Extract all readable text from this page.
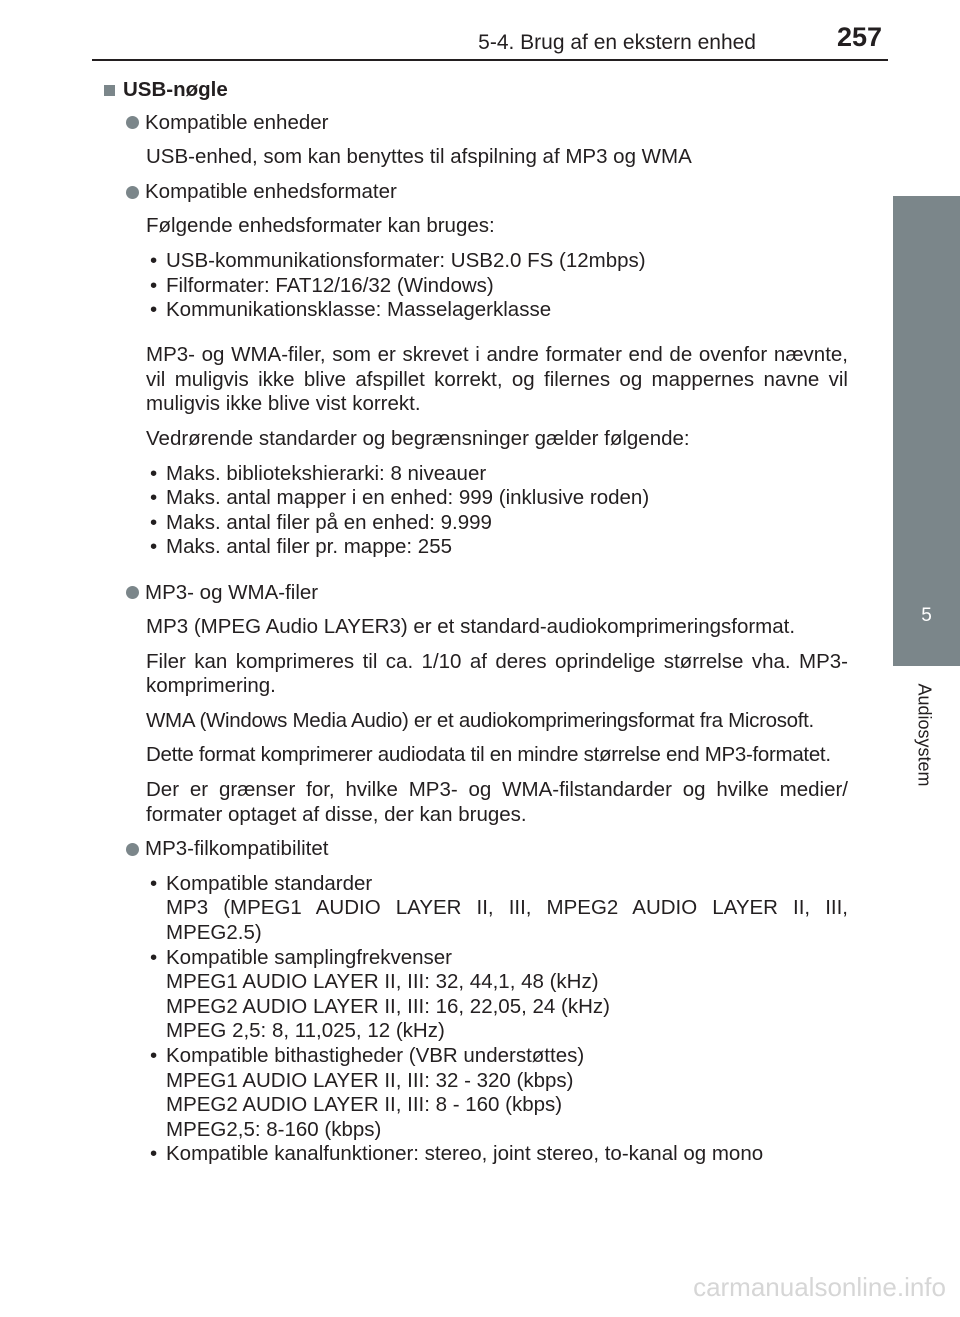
5-4. Brug af en ekstern enhed	257
5
Audiosystem
USB-nøgle
Kompatible enheder
USB-enhed, som kan benyttes til afspilning af MP3 og WMA
Kompatible enhedsformater
Følgende enhedsformater kan bruges:
• USB-kommunikationsformater: USB2.0 FS (12mbps)
• Filformater: FAT12/16/32 (Windows)
• Kommunikationsklasse: Masselagerklasse
MP3- og WMA-filer, som er skrevet i andre formater end de ovenfor nævnte, vil muligvis ikke blive afspillet korrekt, og filernes og mappernes navne vil muligvis ikke blive vist korrekt.
Vedrørende standarder og begrænsninger gælder følgende:
• Maks. bibliotekshierarki: 8 niveauer
• Maks. antal mapper i en enhed: 999 (inklusive roden)
• Maks. antal filer på en enhed: 9.999
• Maks. antal filer pr. mappe: 255
MP3- og WMA-filer
MP3 (MPEG Audio LAYER3) er et standard-audiokomprimeringsformat.
Filer kan komprimeres til ca. 1/10 af deres oprindelige størrelse vha. MP3-komprimering.
WMA (Windows Media Audio) er et audiokomprimeringsformat fra Microsoft.
Dette format komprimerer audiodata til en mindre størrelse end MP3-formatet.
Der er grænser for, hvilke MP3- og WMA-filstandarder og hvilke medier/ formater optaget af disse, der kan bruges.
MP3-filkompatibilitet
• Kompatible standarder
MP3 (MPEG1 AUDIO LAYER II, III, MPEG2 AUDIO LAYER II, III, MPEG2.5)
• Kompatible samplingfrekvenser
MPEG1 AUDIO LAYER II, III: 32, 44,1, 48 (kHz)
MPEG2 AUDIO LAYER II, III: 16, 22,05, 24 (kHz)
MPEG 2,5: 8, 11,025, 12 (kHz)
• Kompatible bithastigheder (VBR understøttes)
MPEG1 AUDIO LAYER II, III: 32 - 320 (kbps)
MPEG2 AUDIO LAYER II, III: 8 - 160 (kbps)
MPEG2,5: 8-160 (kbps)
• Kompatible kanalfunktioner: stereo, joint stereo, to-kanal og mono
carmanualsonline.info
